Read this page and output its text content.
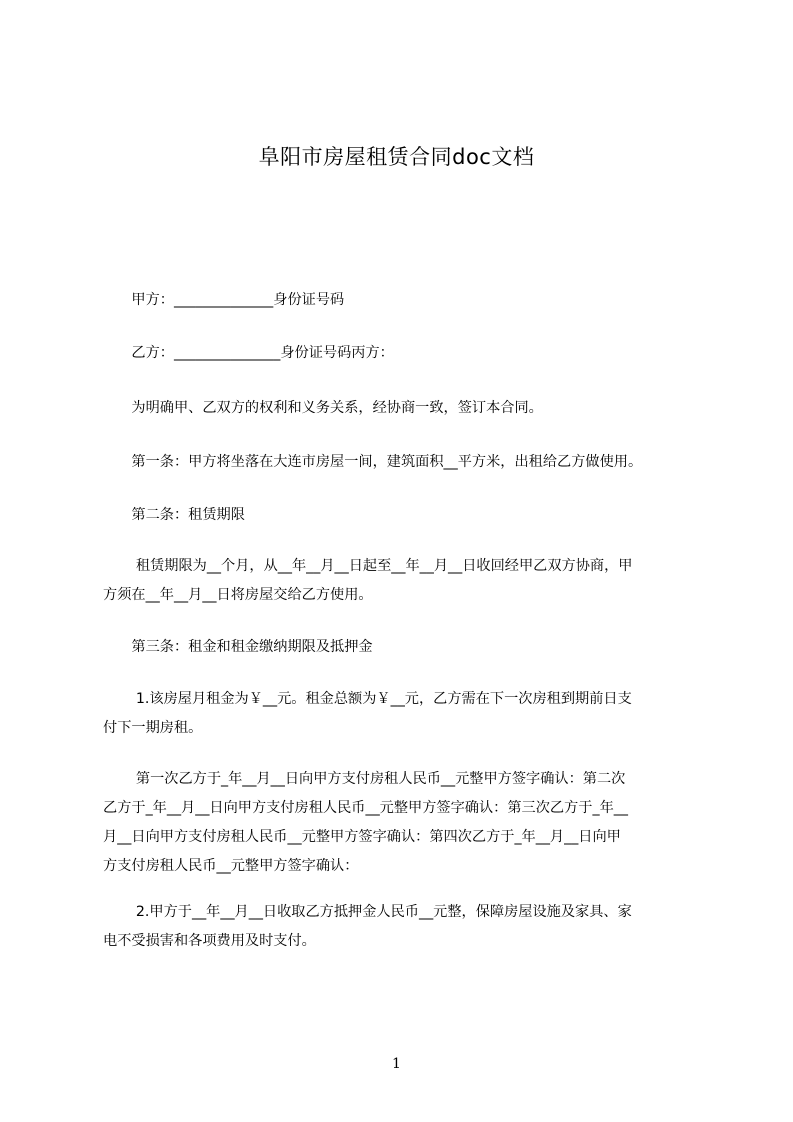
阜阳市房屋租赁合同doc文档
　　甲方：______________身份证号码
　　乙方：_______________身份证号码丙方：
　　为明确甲、乙双方的权利和义务关系，经协商一致，签订本合同。
　　第一条：甲方将坐落在大连市房屋一间，建筑面积__平方米，出租给乙方做使用。
　　第二条：租赁期限
　　 租赁期限为__个月，从__年__月__日起至__年__月__日收回经甲乙双方协商，甲
方须在__年__月__日将房屋交给乙方使用。
　　第三条：租金和租金缴纳期限及抵押金
　　 1.该房屋月租金为￥__元。租金总额为￥__元，乙方需在下一次房租到期前日支
付下一期房租。
　　 第一次乙方于_年__月__日向甲方支付房租人民币__元整甲方签字确认：第二次
乙方于_年__月__日向甲方支付房租人民币__元整甲方签字确认：第三次乙方于_年__
月__日向甲方支付房租人民币__元整甲方签字确认：第四次乙方于_年__月__日向甲
方支付房租人民币__元整甲方签字确认：
　　 2.甲方于__年__月__日收取乙方抵押金人民币__元整，保障房屋设施及家具、家
电不受损害和各项费用及时支付。
1
